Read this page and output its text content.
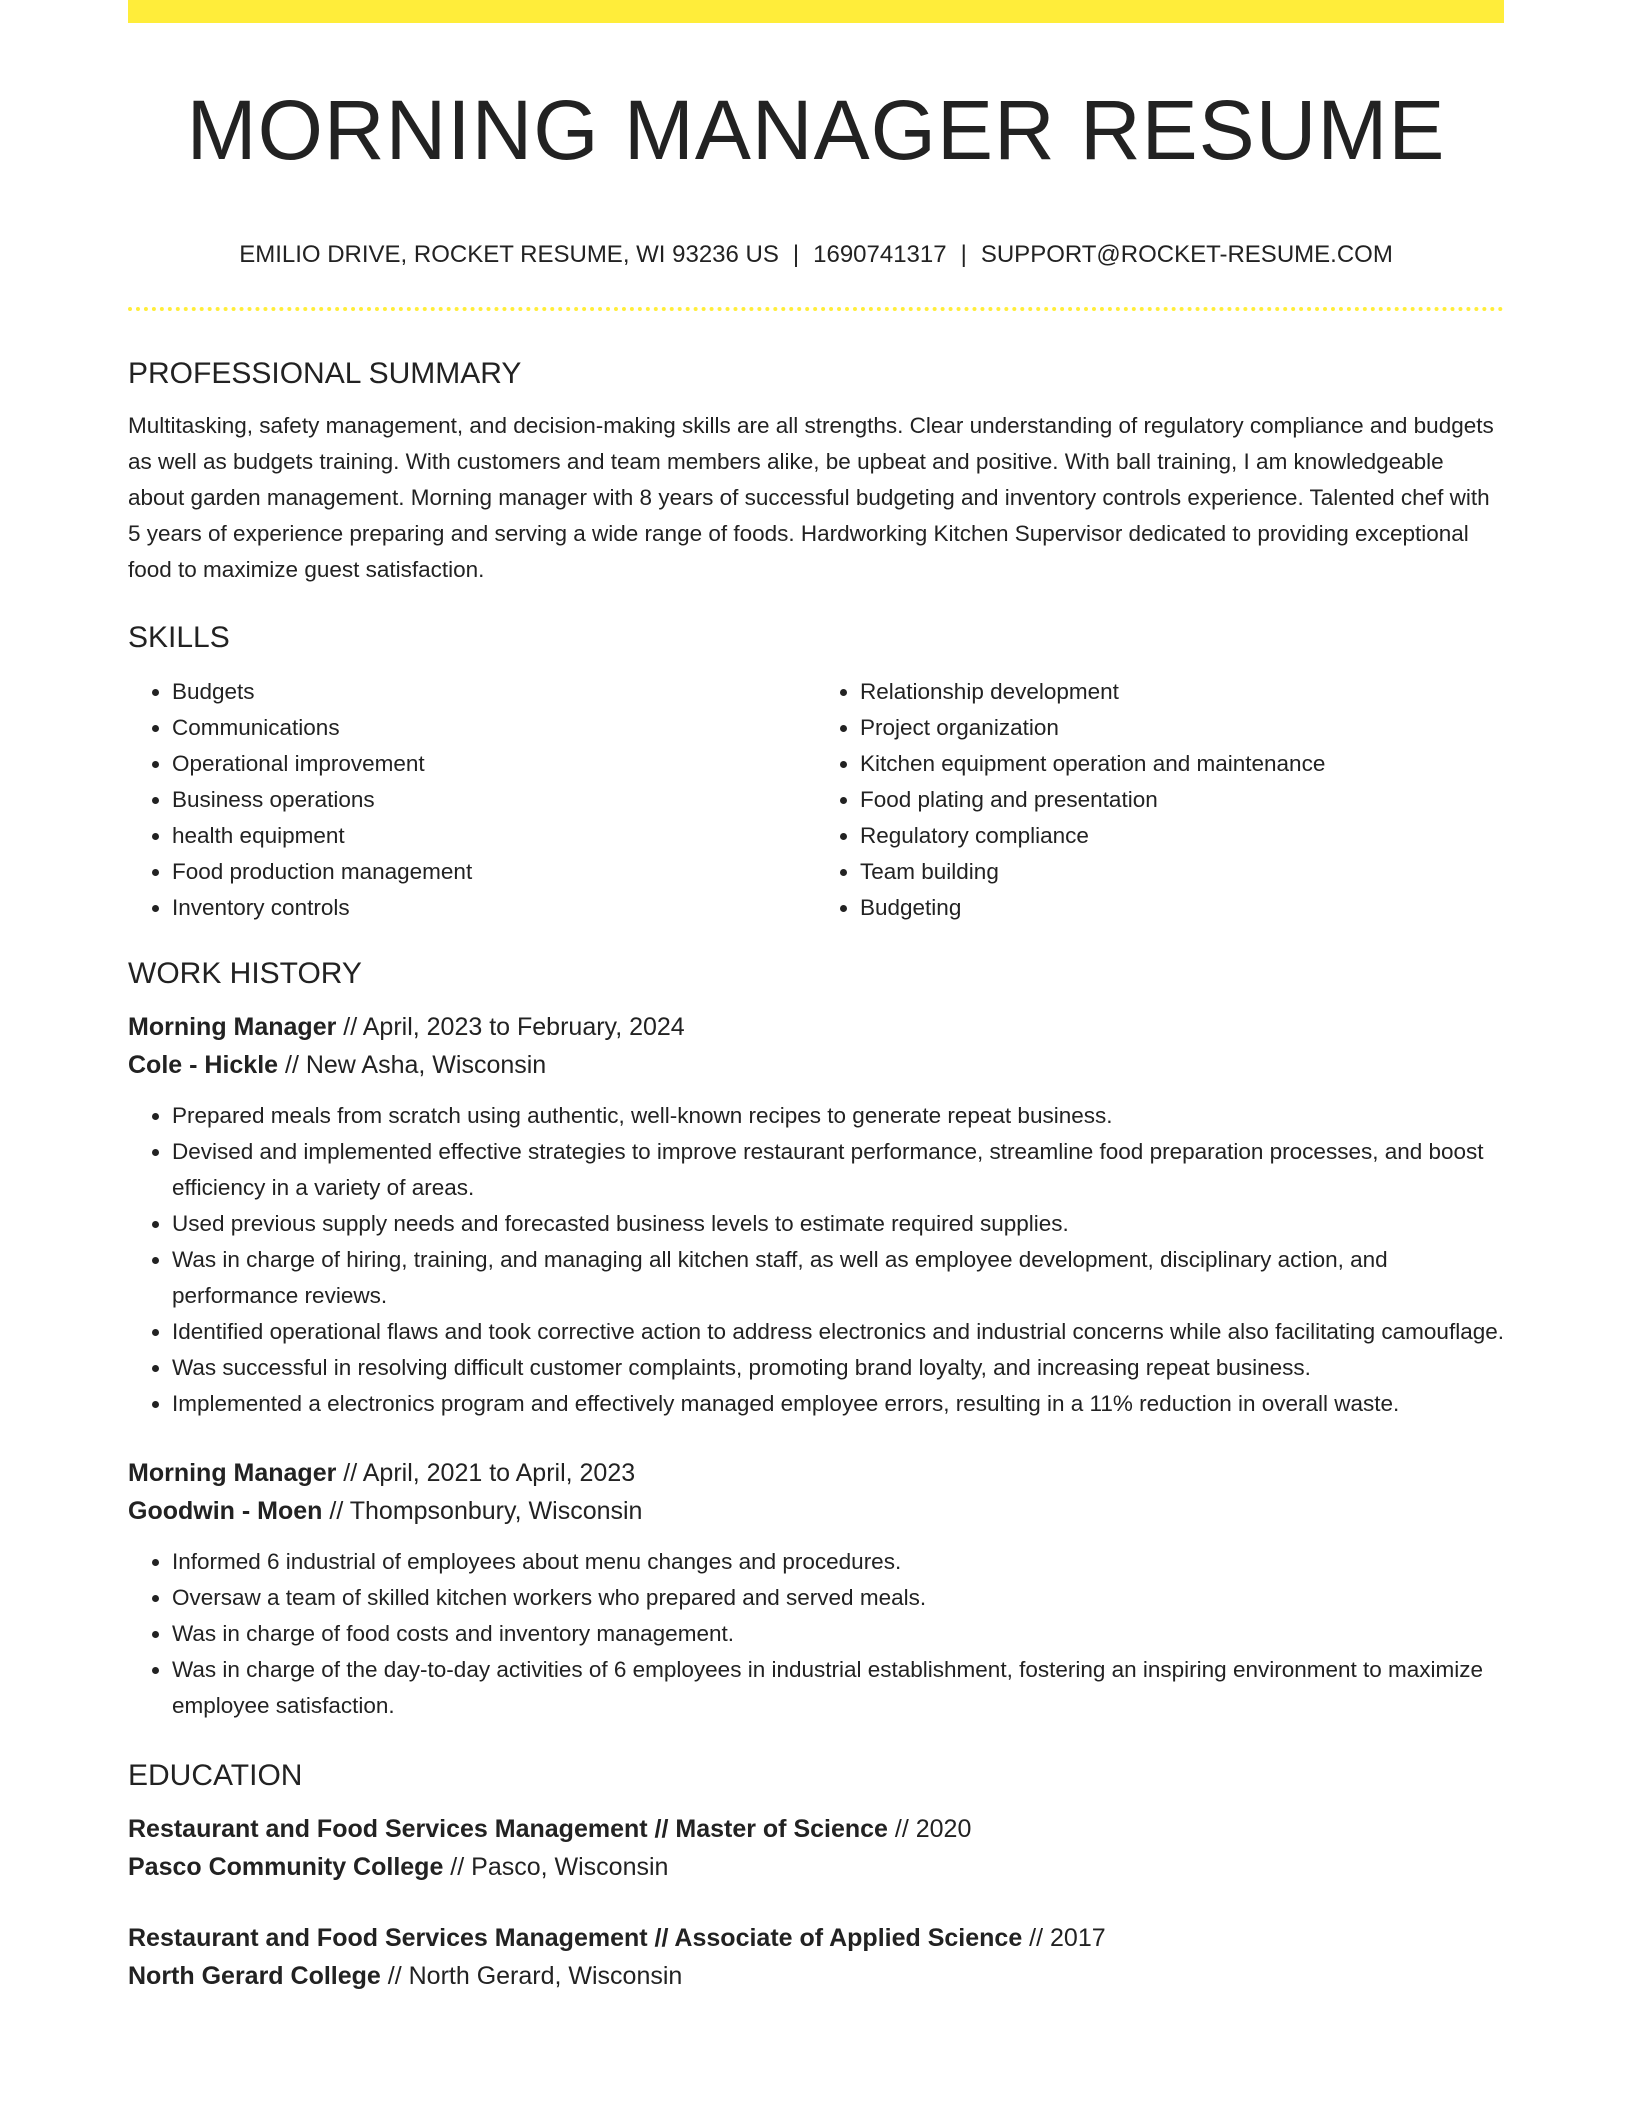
MORNING MANAGER RESUME
EMILIO DRIVE, ROCKET RESUME, WI 93236 US | 1690741317 | SUPPORT@ROCKET-RESUME.COM
PROFESSIONAL SUMMARY

Multitasking, safety management, and decision-making skills are all strengths. Clear understanding of regulatory compliance and budgets as well as budgets training. With customers and team members alike, be upbeat and positive. With ball training, I am knowledgeable about garden management. Morning manager with 8 years of successful budgeting and inventory controls experience. Talented chef with 5 years of experience preparing and serving a wide range of foods. Hardworking Kitchen Supervisor dedicated to providing exceptional food to maximize guest satisfaction.

SKILLS
• Budgets
• Communications
• Operational improvement
• Business operations
• health equipment
• Food production management
• Inventory controls
• Relationship development
• Project organization
• Kitchen equipment operation and maintenance
• Food plating and presentation
• Regulatory compliance
• Team building
• Budgeting
WORK HISTORY

Morning Manager // April, 2023 to February, 2024

Cole - Hickle // New Asha, Wisconsin

• Prepared meals from scratch using authentic, well-known recipes to generate repeat business.
• Devised and implemented effective strategies to improve restaurant performance, streamline food preparation processes, and boost efficiency in a variety of areas.
• Used previous supply needs and forecasted business levels to estimate required supplies.
• Was in charge of hiring, training, and managing all kitchen staff, as well as employee development, disciplinary action, and performance reviews.
• Identified operational flaws and took corrective action to address electronics and industrial concerns while also facilitating camouflage.
• Was successful in resolving difficult customer complaints, promoting brand loyalty, and increasing repeat business.
• Implemented a electronics program and effectively managed employee errors, resulting in a 11% reduction in overall waste.

Morning Manager // April, 2021 to April, 2023

Goodwin - Moen // Thompsonbury, Wisconsin

• Informed 6 industrial of employees about menu changes and procedures.
• Oversaw a team of skilled kitchen workers who prepared and served meals.
• Was in charge of food costs and inventory management.
• Was in charge of the day-to-day activities of 6 employees in industrial establishment, fostering an inspiring environment to maximize employee satisfaction.
EDUCATION

Restaurant and Food Services Management // Master of Science // 2020

Pasco Community College // Pasco, Wisconsin

Restaurant and Food Services Management // Associate of Applied Science // 2017

North Gerard College // North Gerard, Wisconsin
